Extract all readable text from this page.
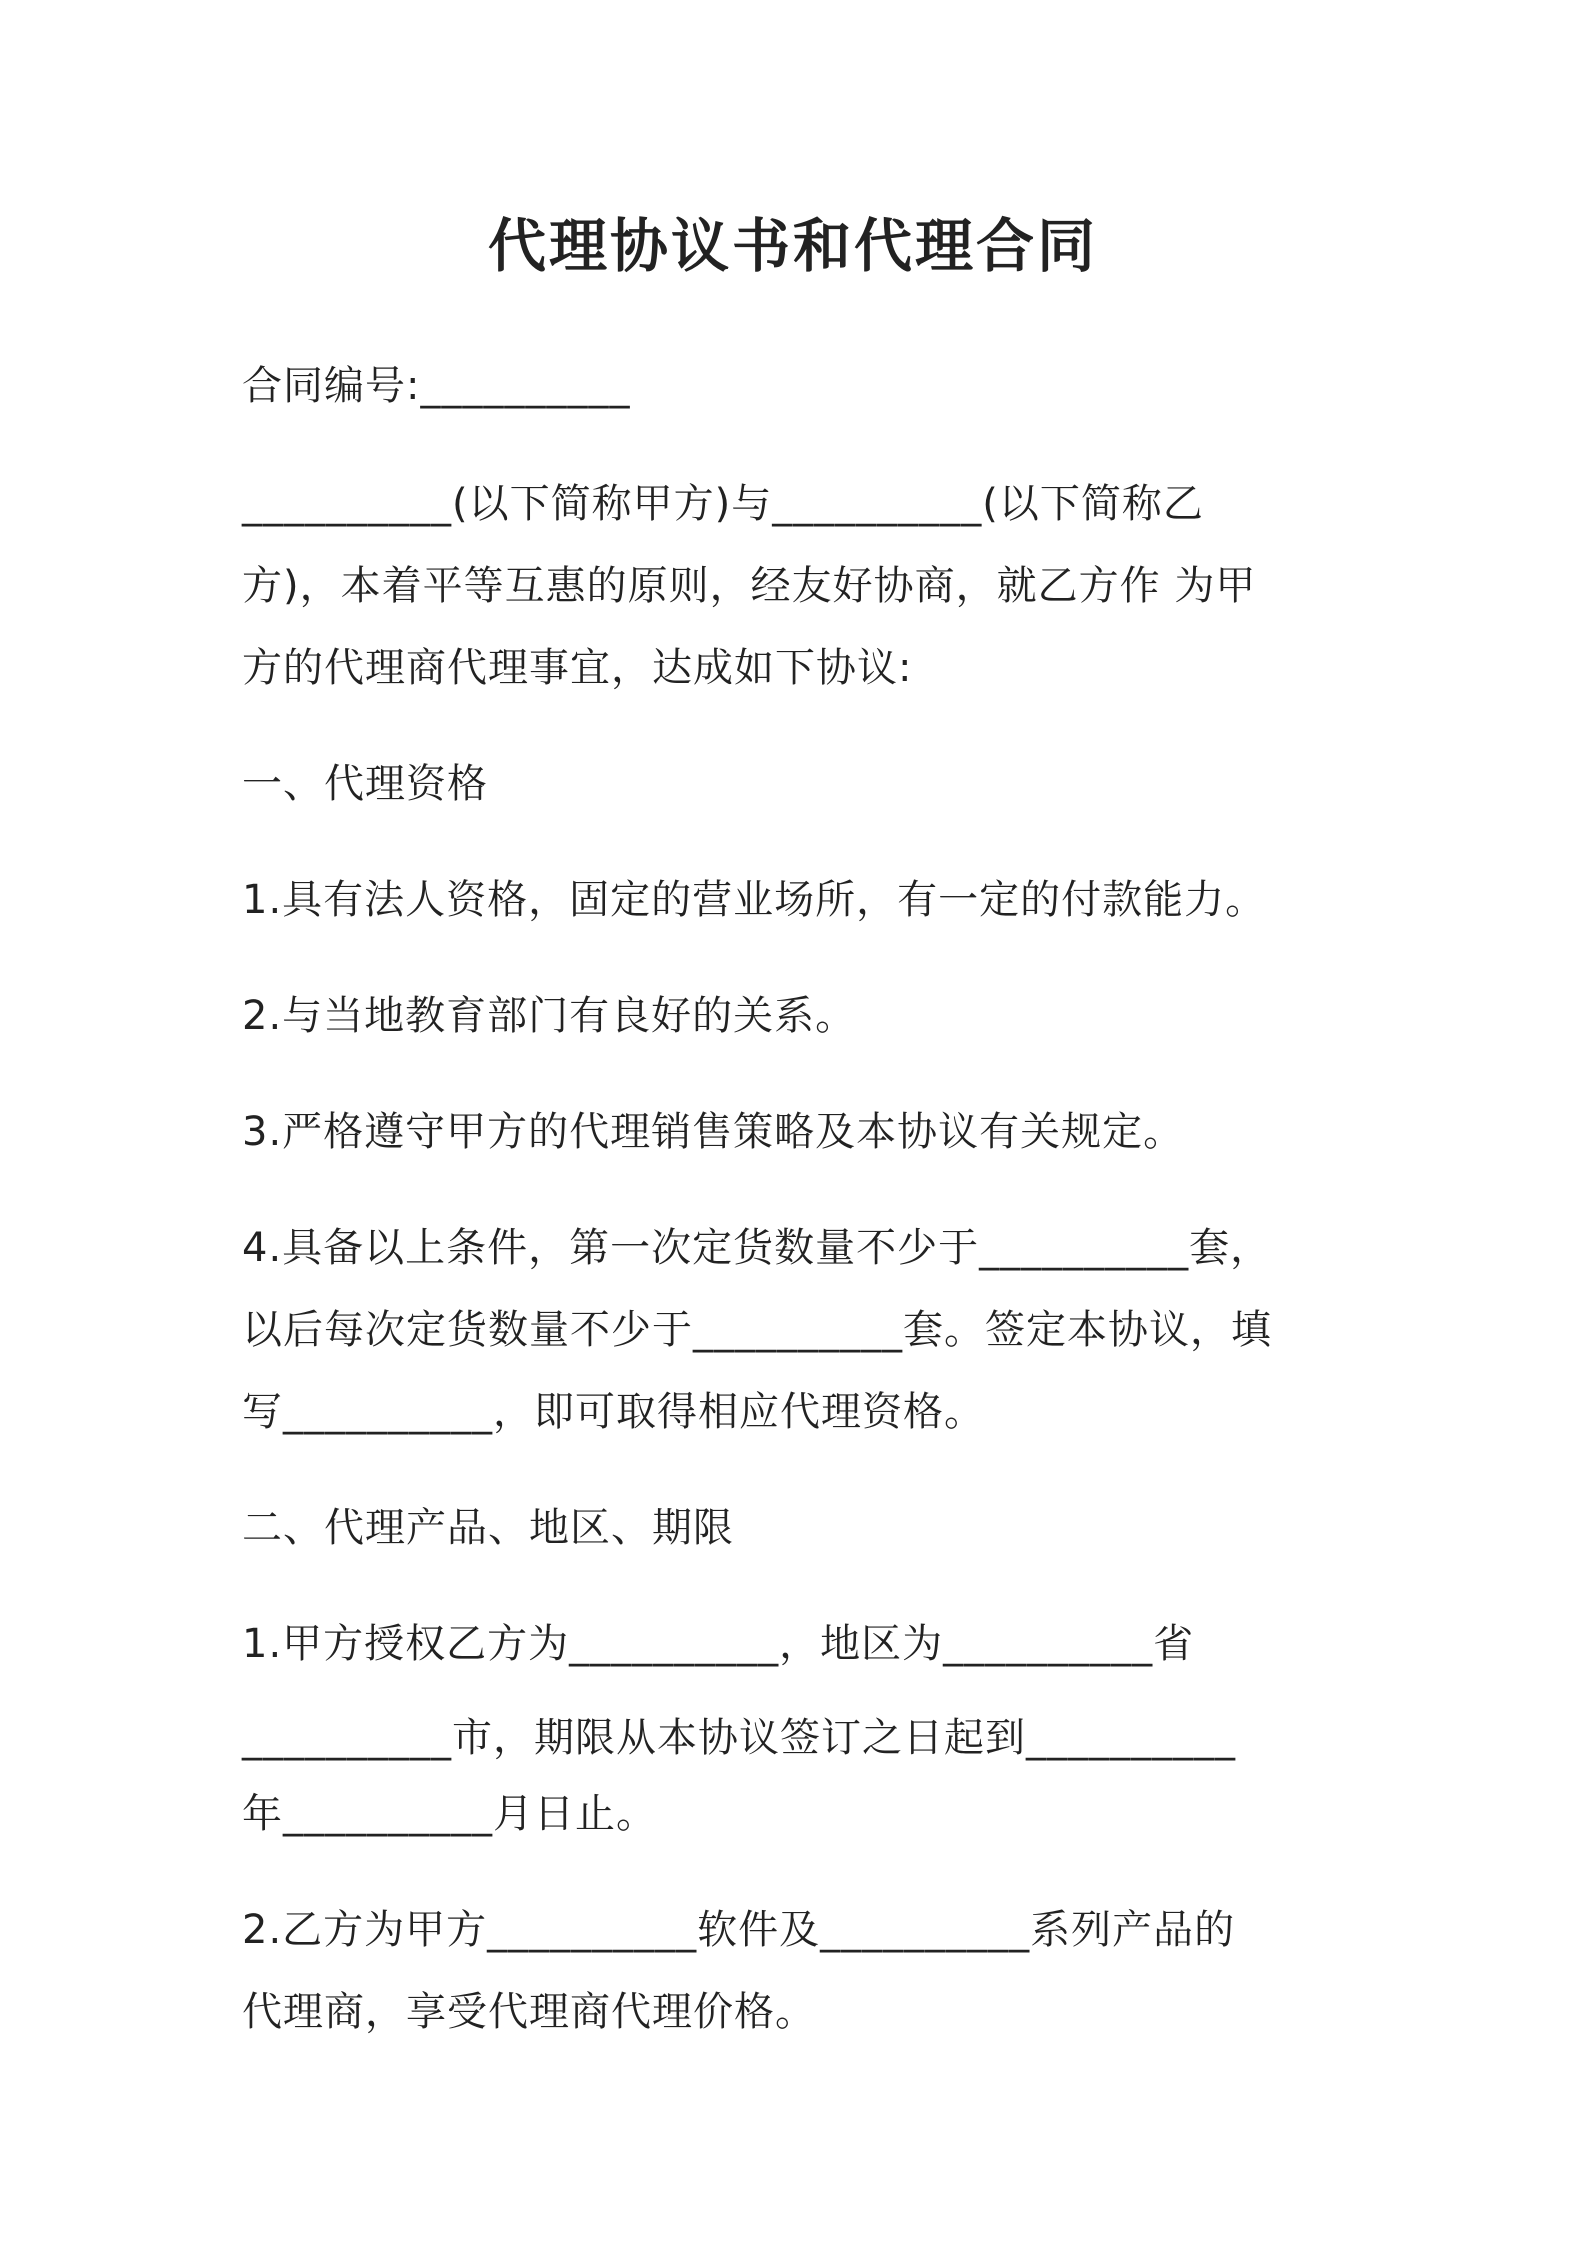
代理协议书和代理合同
合同编号:__________
__________(以下简称甲方)与__________(以下简称乙
方)，本着平等互惠的原则，经友好协商，就乙方作 为甲
方的代理商代理事宜，达成如下协议:
一、代理资格
1.具有法人资格，固定的营业场所，有一定的付款能力。
2.与当地教育部门有良好的关系。
3.严格遵守甲方的代理销售策略及本协议有关规定。
4.具备以上条件，第一次定货数量不少于__________套，
以后每次定货数量不少于__________套。签定本协议，填
写__________，即可取得相应代理资格。
二、代理产品、地区、期限
1.甲方授权乙方为__________，地区为__________省
__________市，期限从本协议签订之日起到__________
年__________月日止。
2.乙方为甲方__________软件及__________系列产品的
代理商，享受代理商代理价格。
